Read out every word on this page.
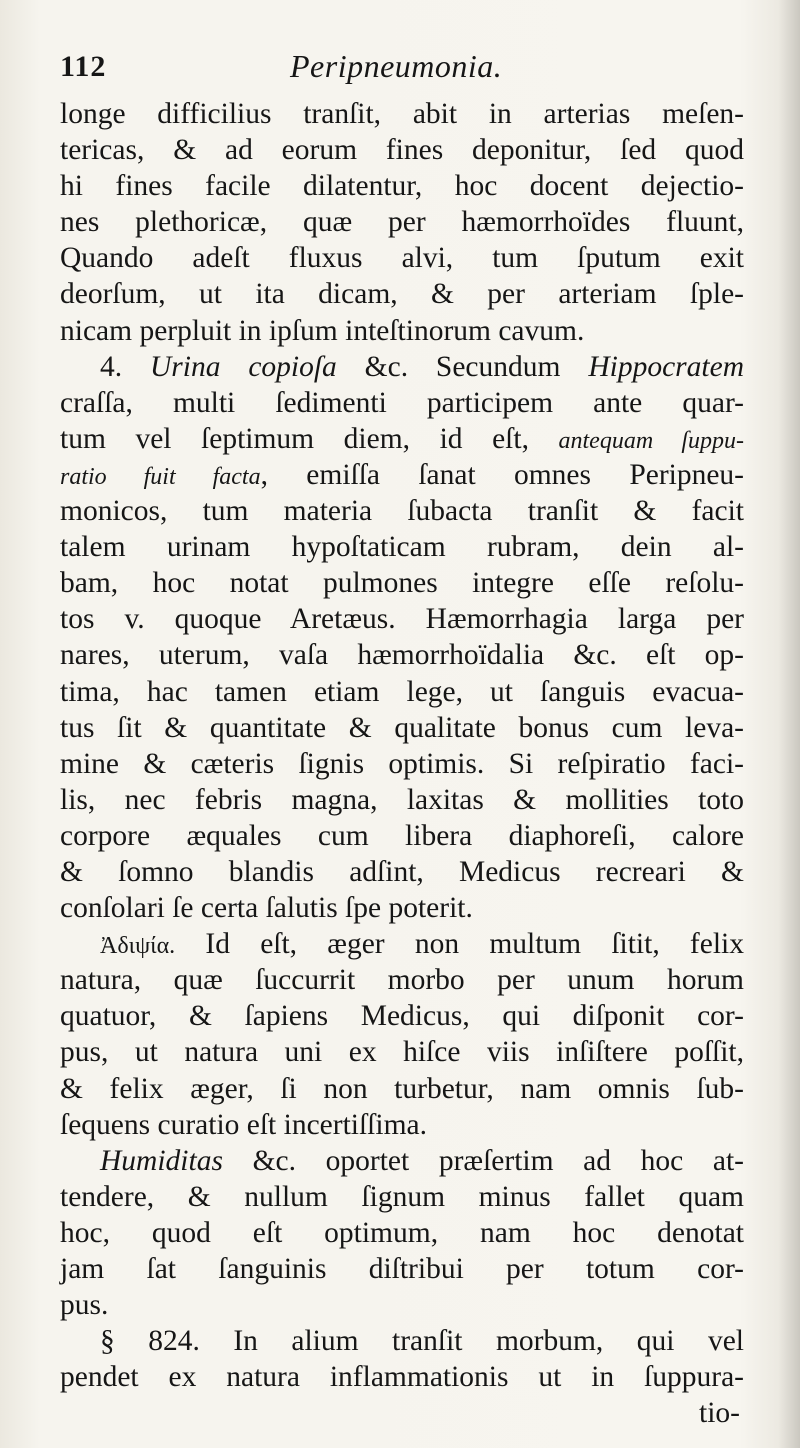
112	Peripneumonia.
longe difficilius tranſit, abit in arterias meſen-
tericas, & ad eorum fines deponitur, ſed quod
hi fines facile dilatentur, hoc docent dejectio-
nes plethoricæ, quæ per hæmorrhoïdes fluunt,
Quando adeſt fluxus alvi, tum ſputum exit
deorſum, ut ita dicam, & per arteriam ſple-
nicam perpluit in ipſum inteſtinorum cavum.
4. Urina copioſa &c. Secundum Hippocratem
craſſa, multi ſedimenti participem ante quar-
tum vel ſeptimum diem, id eſt, antequam ſuppu-
ratio fuit facta, emiſſa ſanat omnes Peripneu-
monicos, tum materia ſubacta tranſit & facit
talem urinam hypoſtaticam rubram, dein al-
bam, hoc notat pulmones integre eſſe reſolu-
tos v. quoque Aretæus. Hæmorrhagia larga per
nares, uterum, vaſa hæmorrhoïdalia &c. eſt op-
tima, hac tamen etiam lege, ut ſanguis evacua-
tus ſit & quantitate & qualitate bonus cum leva-
mine & cæteris ſignis optimis. Si reſpiratio faci-
lis, nec febris magna, laxitas & mollities toto
corpore æquales cum libera diaphoreſi, calore
& ſomno blandis adſint, Medicus recreari &
conſolari ſe certa ſalutis ſpe poterit.
Ἀδιψία. Id eſt, æger non multum ſitit, felix
natura, quæ ſuccurrit morbo per unum horum
quatuor, & ſapiens Medicus, qui diſponit cor-
pus, ut natura uni ex hiſce viis inſiſtere poſſit,
& felix æger, ſi non turbetur, nam omnis ſub-
ſequens curatio eſt incertiſſima.
Humiditas &c. oportet præſertim ad hoc at-
tendere, & nullum ſignum minus fallet quam
hoc, quod eſt optimum, nam hoc denotat
jam ſat ſanguinis diſtribui per totum cor-
pus.
§ 824. In alium tranſit morbum, qui vel
pendet ex natura inflammationis ut in ſuppura-
tio-
